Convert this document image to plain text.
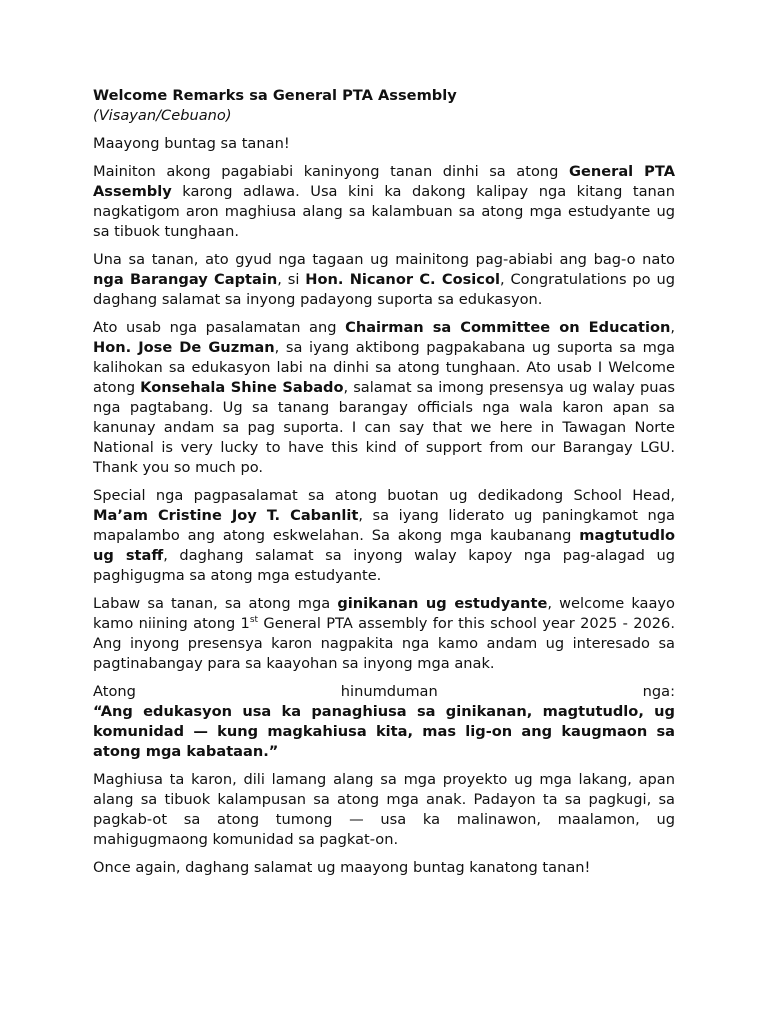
Welcome Remarks sa General PTA Assembly
(Visayan/Cebuano)

Maayong buntag sa tanan!

Mainiton akong pagabiabi kaninyong tanan dinhi sa atong General PTA Assembly karong adlawa. Usa kini ka dakong kalipay nga kitang tanan nagkatigom aron maghiusa alang sa kalambuan sa atong mga estudyante ug sa tibuok tunghaan.

Una sa tanan, ato gyud nga tagaan ug mainitong pag-abiabi ang bag-o nato nga Barangay Captain, si Hon. Nicanor C. Cosicol, Congratulations po ug daghang salamat sa inyong padayong suporta sa edukasyon.

Ato usab nga pasalamatan ang Chairman sa Committee on Education, Hon. Jose De Guzman, sa iyang aktibong pagpakabana ug suporta sa mga kalihokan sa edukasyon labi na dinhi sa atong tunghaan. Ato usab I Welcome atong Konsehala Shine Sabado, salamat sa imong presensya ug walay puas nga pagtabang. Ug sa tanang barangay officials nga wala karon apan sa kanunay andam sa pag suporta. I can say that we here in Tawagan Norte National is very lucky to have this kind of support from our Barangay LGU. Thank you so much po.

Special nga pagpasalamat sa atong buotan ug dedikadong School Head, Ma’am Cristine Joy T. Cabanlit, sa iyang liderato ug paningkamot nga mapalambo ang atong eskwelahan. Sa akong mga kaubanang magtutudlo ug staff, daghang salamat sa inyong walay kapoy nga pag-alagad ug paghigugma sa atong mga estudyante.

Labaw sa tanan, sa atong mga ginikanan ug estudyante, welcome kaayo kamo niining atong 1st General PTA assembly for this school year 2025 - 2026. Ang inyong presensya karon nagpakita nga kamo andam ug interesado sa pagtinabangay para sa kaayohan sa inyong mga anak.

Atong	hinumduman	nga:
“Ang edukasyon usa ka panaghiusa sa ginikanan, magtutudlo, ug komunidad — kung magkahiusa kita, mas lig-on ang kaugmaon sa atong mga kabataan.”

Maghiusa ta karon, dili lamang alang sa mga proyekto ug mga lakang, apan alang sa tibuok kalampusan sa atong mga anak. Padayon ta sa pagkugi, sa pagkab-ot sa atong tumong — usa ka malinawon, maalamon, ug mahigugmaong komunidad sa pagkat-on.

Once again, daghang salamat ug maayong buntag kanatong tanan!
